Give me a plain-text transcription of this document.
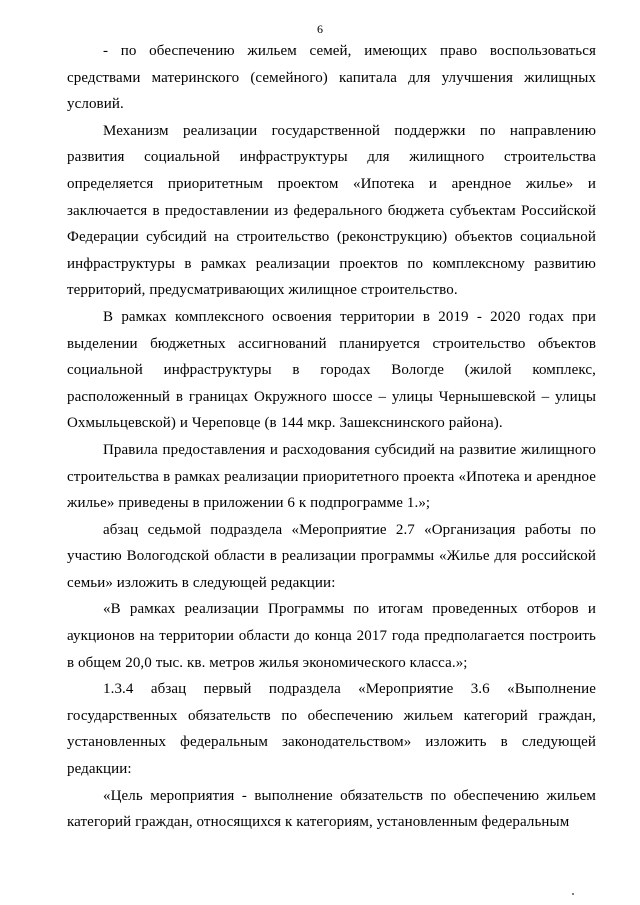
6

- по обеспечению жильем семей, имеющих право воспользоваться средствами материнского (семейного) капитала для улучшения жилищных условий.

Механизм реализации государственной поддержки по направлению развития социальной инфраструктуры для жилищного строительства определяется приоритетным проектом «Ипотека и арендное жилье» и заключается в предоставлении из федерального бюджета субъектам Российской Федерации субсидий на строительство (реконструкцию) объектов социальной инфраструктуры в рамках реализации проектов по комплексному развитию территорий, предусматривающих жилищное строительство.

В рамках комплексного освоения территории в 2019 - 2020 годах при выделении бюджетных ассигнований планируется строительство объектов социальной инфраструктуры в городах Вологде (жилой комплекс, расположенный в границах Окружного шоссе – улицы Чернышевской – улицы Охмыльцевской) и Череповце (в 144 мкр. Зашекснинского района).

Правила предоставления и расходования субсидий на развитие жилищного строительства в рамках реализации приоритетного проекта «Ипотека и арендное жилье» приведены в приложении 6 к подпрограмме 1.»;

абзац седьмой подраздела «Мероприятие 2.7 «Организация работы по участию Вологодской области в реализации программы «Жилье для российской семьи» изложить в следующей редакции:

«В рамках реализации Программы по итогам проведенных отборов и аукционов на территории области до конца 2017 года предполагается построить в общем 20,0 тыс. кв. метров жилья экономического класса.»;

1.3.4 абзац первый подраздела «Мероприятие 3.6 «Выполнение государственных обязательств по обеспечению жильем категорий граждан, установленных федеральным законодательством» изложить в следующей редакции:

«Цель мероприятия - выполнение обязательств по обеспечению жильем категорий граждан, относящихся к категориям, установленным федеральным
